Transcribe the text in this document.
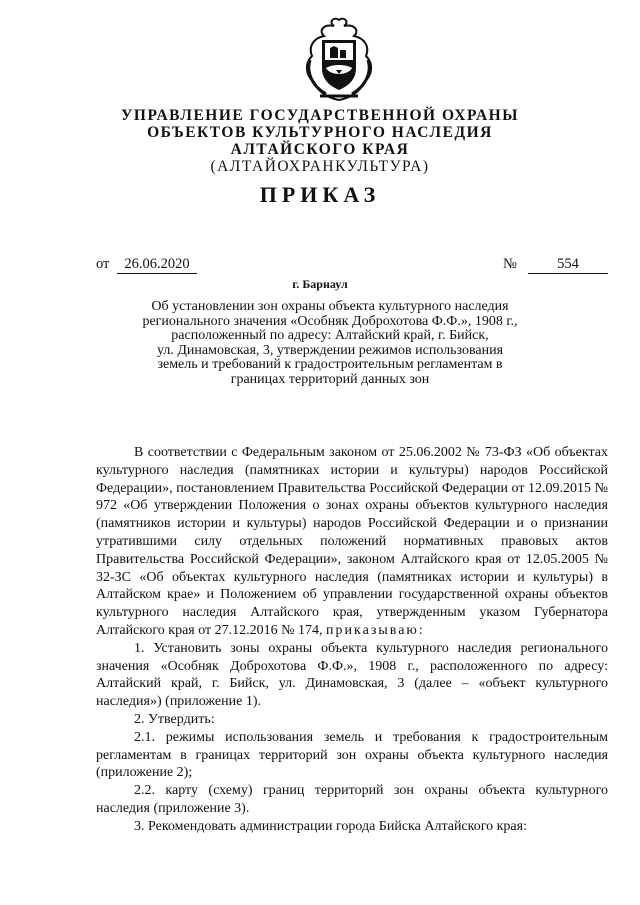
УПРАВЛЕНИЕ ГОСУДАРСТВЕННОЙ ОХРАНЫ
ОБЪЕКТОВ КУЛЬТУРНОГО НАСЛЕДИЯ
АЛТАЙСКОГО КРАЯ
(АЛТАЙОХРАНКУЛЬТУРА)
ПРИКАЗ
от	26.06.2020	№	554
г. Барнаул
Об установлении зон охраны объекта культурного наследия
регионального значения «Особняк Доброхотова Ф.Ф.», 1908 г.,
расположенный по адресу: Алтайский край, г. Бийск,
ул. Динамовская, 3, утверждении режимов использования
земель и требований к градостроительным регламентам в
границах территорий данных зон

В соответствии с Федеральным законом от 25.06.2002 № 73-ФЗ «Об объектах культурного наследия (памятниках истории и культуры) народов Российской Федерации», постановлением Правительства Российской Федерации от 12.09.2015 № 972 «Об утверждении Положения о зонах охраны объектов культурного наследия (памятников истории и культуры) народов Российской Федерации и о признании утратившими силу отдельных положений нормативных правовых актов Правительства Российской Федерации», законом Алтайского края от 12.05.2005 № 32-ЗС «Об объектах культурного наследия (памятниках истории и культуры) в Алтайском крае» и Положением об управлении государственной охраны объектов культурного наследия Алтайского края, утвержденным указом Губернатора Алтайского края от 27.12.2016 № 174, приказываю:

1. Установить зоны охраны объекта культурного наследия регионального значения «Особняк Доброхотова Ф.Ф.», 1908 г., расположенного по адресу: Алтайский край, г. Бийск, ул. Динамовская, 3 (далее – «объект культурного наследия») (приложение 1).

2. Утвердить:

2.1. режимы использования земель и требования к градостроительным регламентам в границах территорий зон охраны объекта культурного наследия (приложение 2);

2.2. карту (схему) границ территорий зон охраны объекта культурного наследия (приложение 3).

3. Рекомендовать администрации города Бийска Алтайского края:
